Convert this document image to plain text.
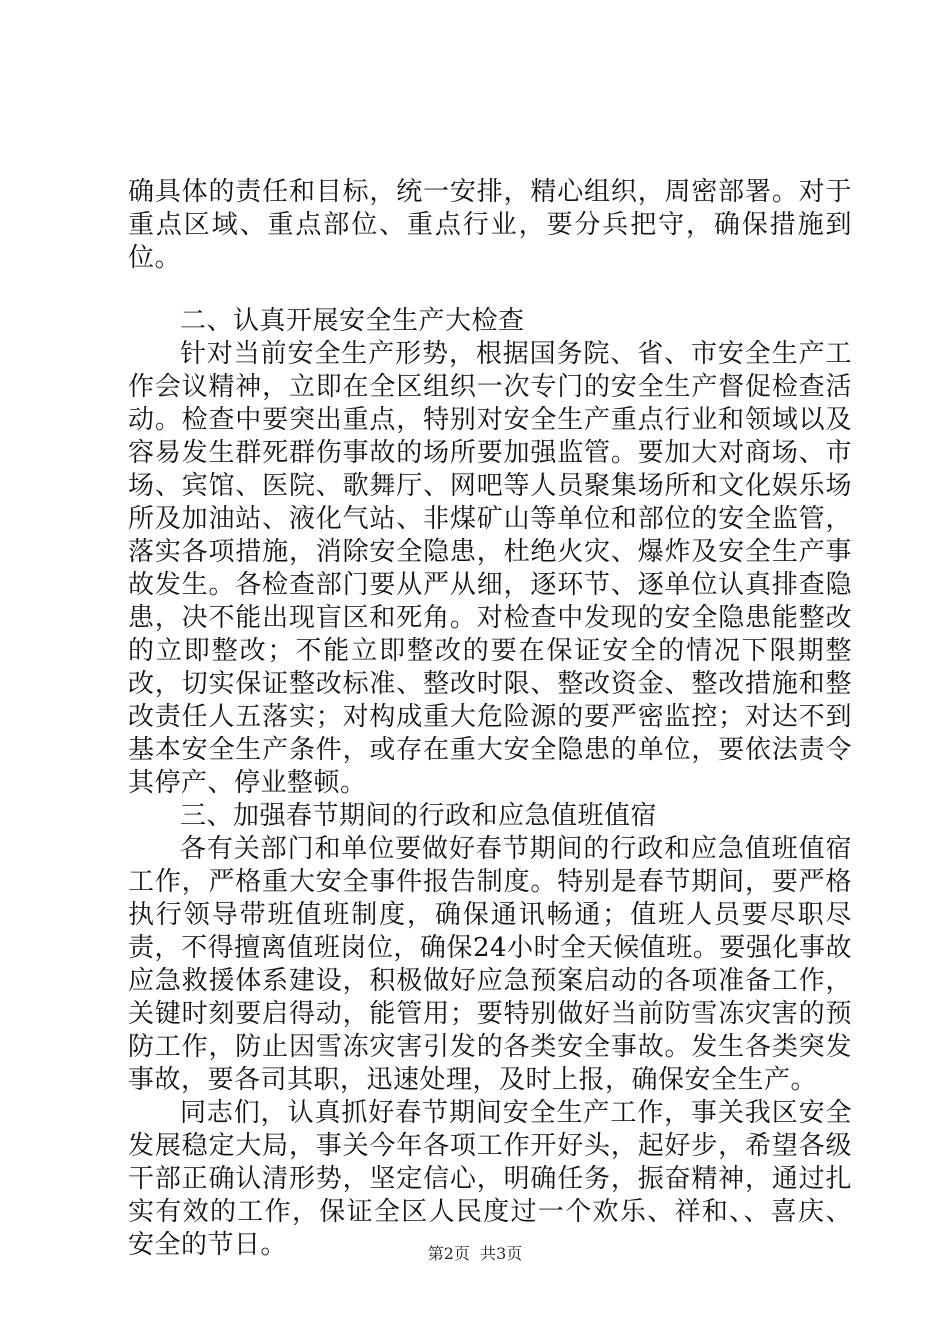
确具体的责任和目标，统一安排，精心组织，周密部署。对于重点区域、重点部位、重点行业，要分兵把守，确保措施到位。

二、认真开展安全生产大检查

针对当前安全生产形势，根据国务院、省、市安全生产工作会议精神，立即在全区组织一次专门的安全生产督促检查活动。检查中要突出重点，特别对安全生产重点行业和领域以及容易发生群死群伤事故的场所要加强监管。要加大对商场、市场、宾馆、医院、歌舞厅、网吧等人员聚集场所和文化娱乐场所及加油站、液化气站、非煤矿山等单位和部位的安全监管，落实各项措施，消除安全隐患，杜绝火灾、爆炸及安全生产事故发生。各检查部门要从严从细，逐环节、逐单位认真排查隐患，决不能出现盲区和死角。对检查中发现的安全隐患能整改的立即整改；不能立即整改的要在保证安全的情况下限期整改，切实保证整改标准、整改时限、整改资金、整改措施和整改责任人五落实；对构成重大危险源的要严密监控；对达不到基本安全生产条件，或存在重大安全隐患的单位，要依法责令其停产、停业整顿。

三、加强春节期间的行政和应急值班值宿

各有关部门和单位要做好春节期间的行政和应急值班值宿工作，严格重大安全事件报告制度。特别是春节期间，要严格执行领导带班值班制度，确保通讯畅通；值班人员要尽职尽责，不得擅离值班岗位，确保24小时全天候值班。要强化事故应急救援体系建设，积极做好应急预案启动的各项准备工作，关键时刻要启得动，能管用；要特别做好当前防雪冻灾害的预防工作，防止因雪冻灾害引发的各类安全事故。发生各类突发事故，要各司其职，迅速处理，及时上报，确保安全生产。

同志们，认真抓好春节期间安全生产工作，事关我区安全发展稳定大局，事关今年各项工作开好头，起好步，希望各级干部正确认清形势，坚定信心，明确任务，振奋精神，通过扎实有效的工作，保证全区人民度过一个欢乐、祥和、、喜庆、安全的节日。	第2页  共3页
